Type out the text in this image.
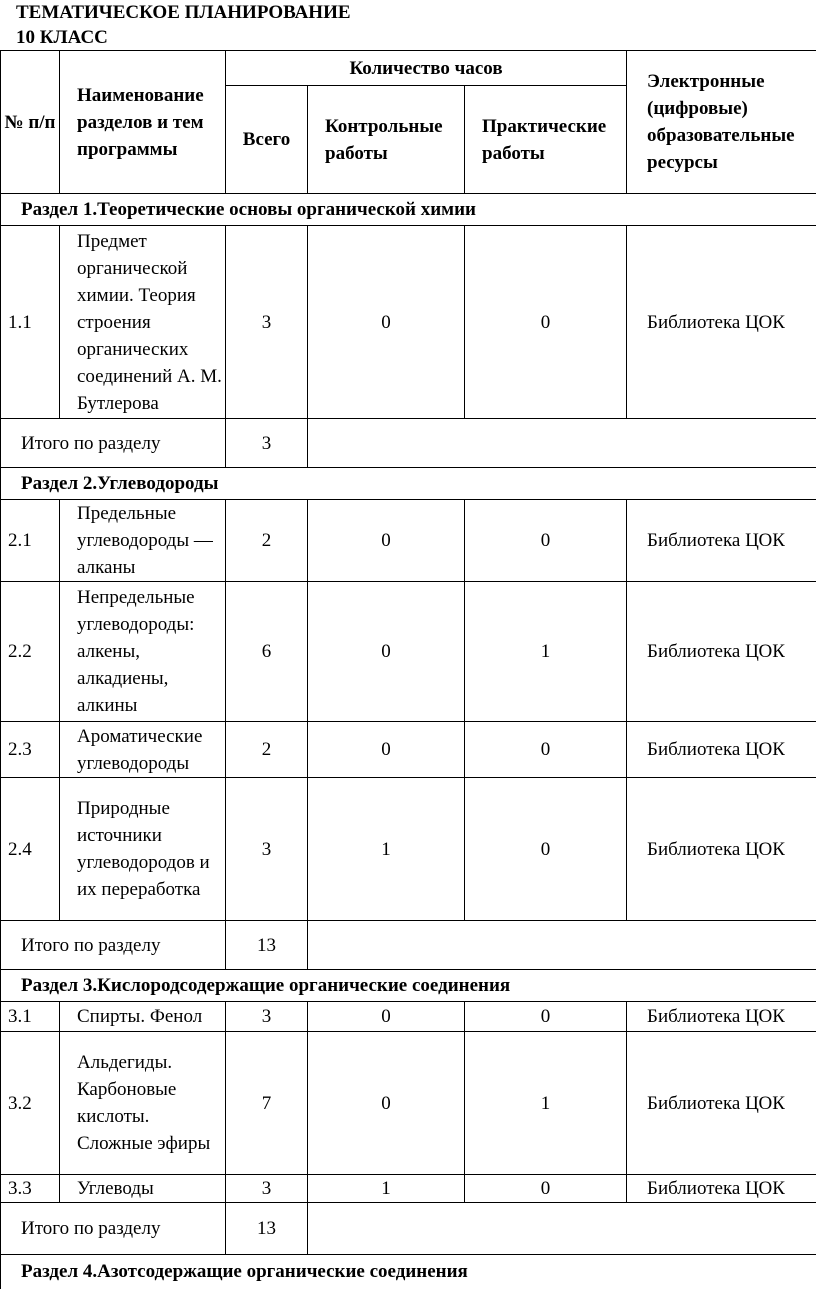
ТЕМАТИЧЕСКОЕ ПЛАНИРОВАНИЕ
10 КЛАСС
№ п/п	Наименование разделов и тем программы	Количество часов			Электронные (цифровые) образовательные ресурсы
		Всего	Контрольные работы	Практические работы	
Раздел 1.Теоретические основы органической химии					
1.1	Предмет органической химии. Теория строения органических соединений А. М. Бутлерова	3	0	0	Библиотека ЦОК
Итого по разделу		3			
Раздел 2.Углеводороды					
2.1	Предельные углеводороды — алканы	2	0	0	Библиотека ЦОК
2.2	Непредельные углеводороды: алкены, алкадиены, алкины	6	0	1	Библиотека ЦОК
2.3	Ароматические углеводороды	2	0	0	Библиотека ЦОК
2.4	Природные источники углеводородов и их переработка	3	1	0	Библиотека ЦОК
Итого по разделу		13			
Раздел 3.Кислородсодержащие органические соединения					
3.1	Спирты. Фенол	3	0	0	Библиотека ЦОК
3.2	Альдегиды. Карбоновые кислоты. Сложные эфиры	7	0	1	Библиотека ЦОК
3.3	Углеводы	3	1	0	Библиотека ЦОК
Итого по разделу		13			
Раздел 4.Азотсодержащие органические соединения					
